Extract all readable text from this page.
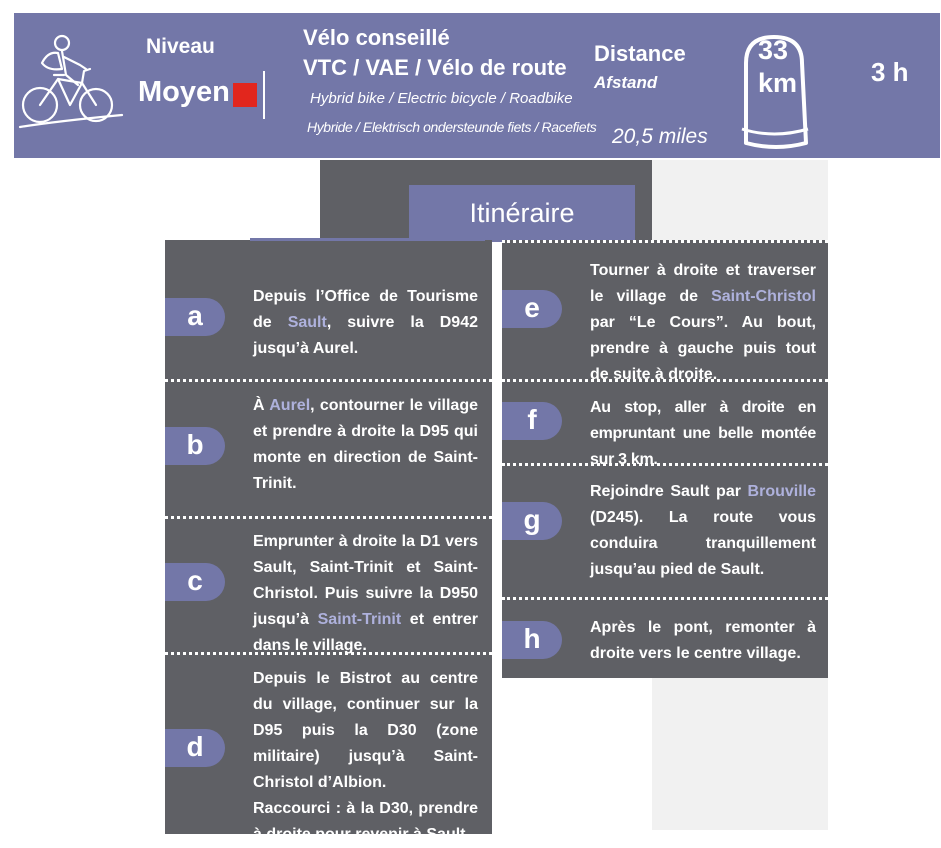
Niveau
Moyen
Vélo conseillé
VTC / VAE / Vélo de route
Hybrid bike / Electric bicycle / Roadbike
Hybride / Elektrisch ondersteunde fiets / Racefiets
Distance
Afstand
20,5 miles
33
km	3 h
Itinéraire
a
Depuis l’Office de Tourisme de Sault, suivre la D942 jusqu’à Aurel.
b
À Aurel, contourner le village et prendre à droite la D95 qui monte en direction de Saint-Trinit.
c
Emprunter à droite la D1 vers Sault, Saint-Trinit et Saint-Christol. Puis suivre la D950 jusqu’à Saint-Trinit et entrer dans le village.
d
Depuis le Bistrot au centre du village, continuer sur la D95 puis la D30 (zone militaire) jusqu’à Saint-Christol d’Albion.
Raccourci : à la D30, prendre à droite pour revenir à Sault.
e
Tourner à droite et traverser le village de Saint-Christol par “Le Cours”. Au bout, prendre à gauche puis tout de suite à droite.
f	Au stop, aller à droite en empruntant une belle montée sur 3 km.
g
Rejoindre Sault par Brouville (D245). La route vous conduira tranquillement jusqu’au pied de Sault.
h	Après le pont, remonter à droite vers le centre village.
